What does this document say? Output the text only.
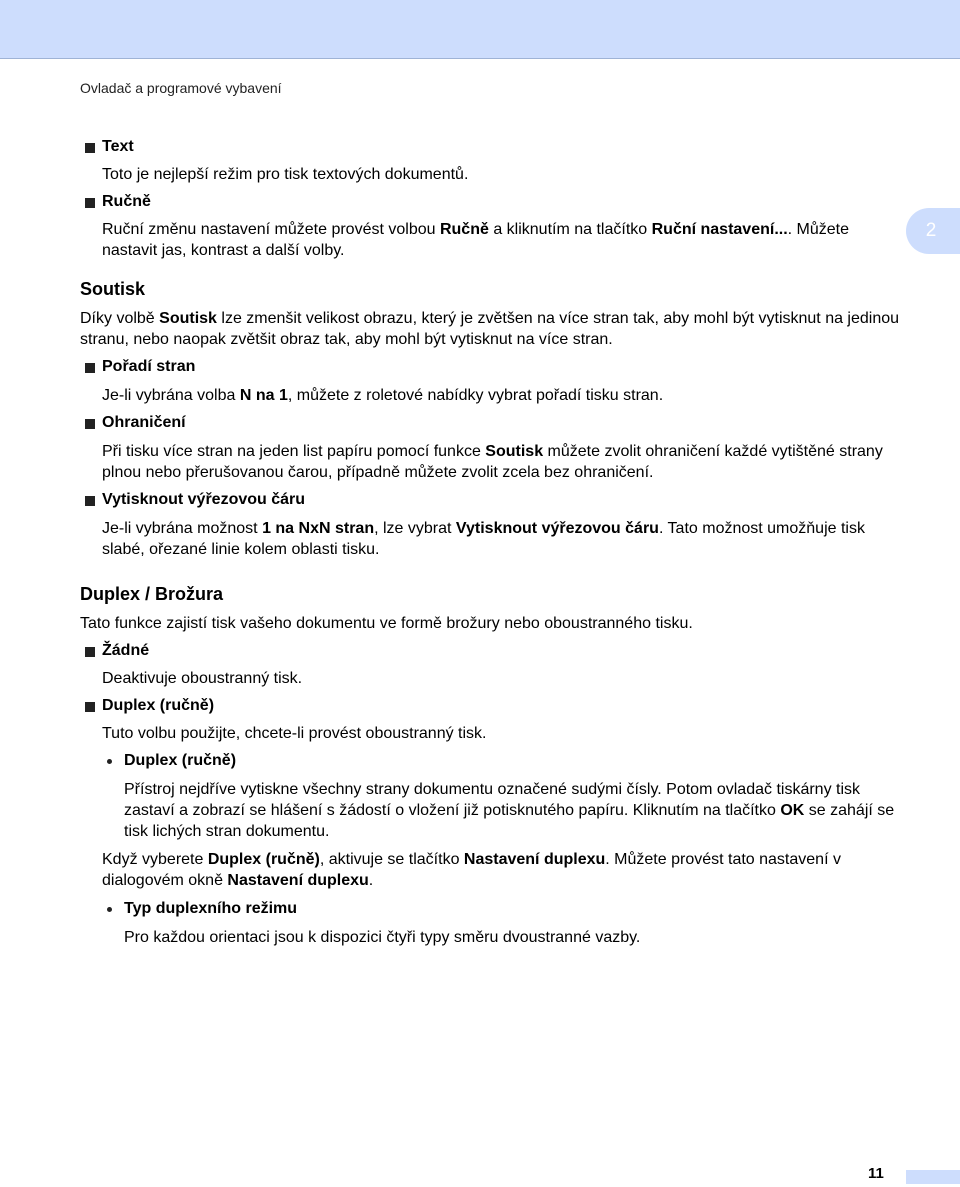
Ovladač a programové vybavení
2
Text

Toto je nejlepší režim pro tisk textových dokumentů.

Ručně

Ruční změnu nastavení můžete provést volbou Ručně a kliknutím na tlačítko Ruční nastavení.... Můžete nastavit jas, kontrast a další volby.

Soutisk

Díky volbě Soutisk lze zmenšit velikost obrazu, který je zvětšen na více stran tak, aby mohl být vytisknut na jedinou stranu, nebo naopak zvětšit obraz tak, aby mohl být vytisknut na více stran.

Pořadí stran

Je-li vybrána volba N na 1, můžete z roletové nabídky vybrat pořadí tisku stran.

Ohraničení

Při tisku více stran na jeden list papíru pomocí funkce Soutisk můžete zvolit ohraničení každé vytištěné strany plnou nebo přerušovanou čarou, případně můžete zvolit zcela bez ohraničení.

Vytisknout výřezovou čáru

Je-li vybrána možnost 1 na NxN stran, lze vybrat Vytisknout výřezovou čáru. Tato možnost umožňuje tisk slabé, ořezané linie kolem oblasti tisku.

Duplex / Brožura

Tato funkce zajistí tisk vašeho dokumentu ve formě brožury nebo oboustranného tisku.

Žádné

Deaktivuje oboustranný tisk.

Duplex (ručně)

Tuto volbu použijte, chcete-li provést oboustranný tisk.

Duplex (ručně)

Přístroj nejdříve vytiskne všechny strany dokumentu označené sudými čísly. Potom ovladač tiskárny tisk zastaví a zobrazí se hlášení s žádostí o vložení již potisknutého papíru. Kliknutím na tlačítko OK se zahájí se tisk lichých stran dokumentu.

Když vyberete Duplex (ručně), aktivuje se tlačítko Nastavení duplexu. Můžete provést tato nastavení v dialogovém okně Nastavení duplexu.

Typ duplexního režimu

Pro každou orientaci jsou k dispozici čtyři typy směru dvoustranné vazby.

11
